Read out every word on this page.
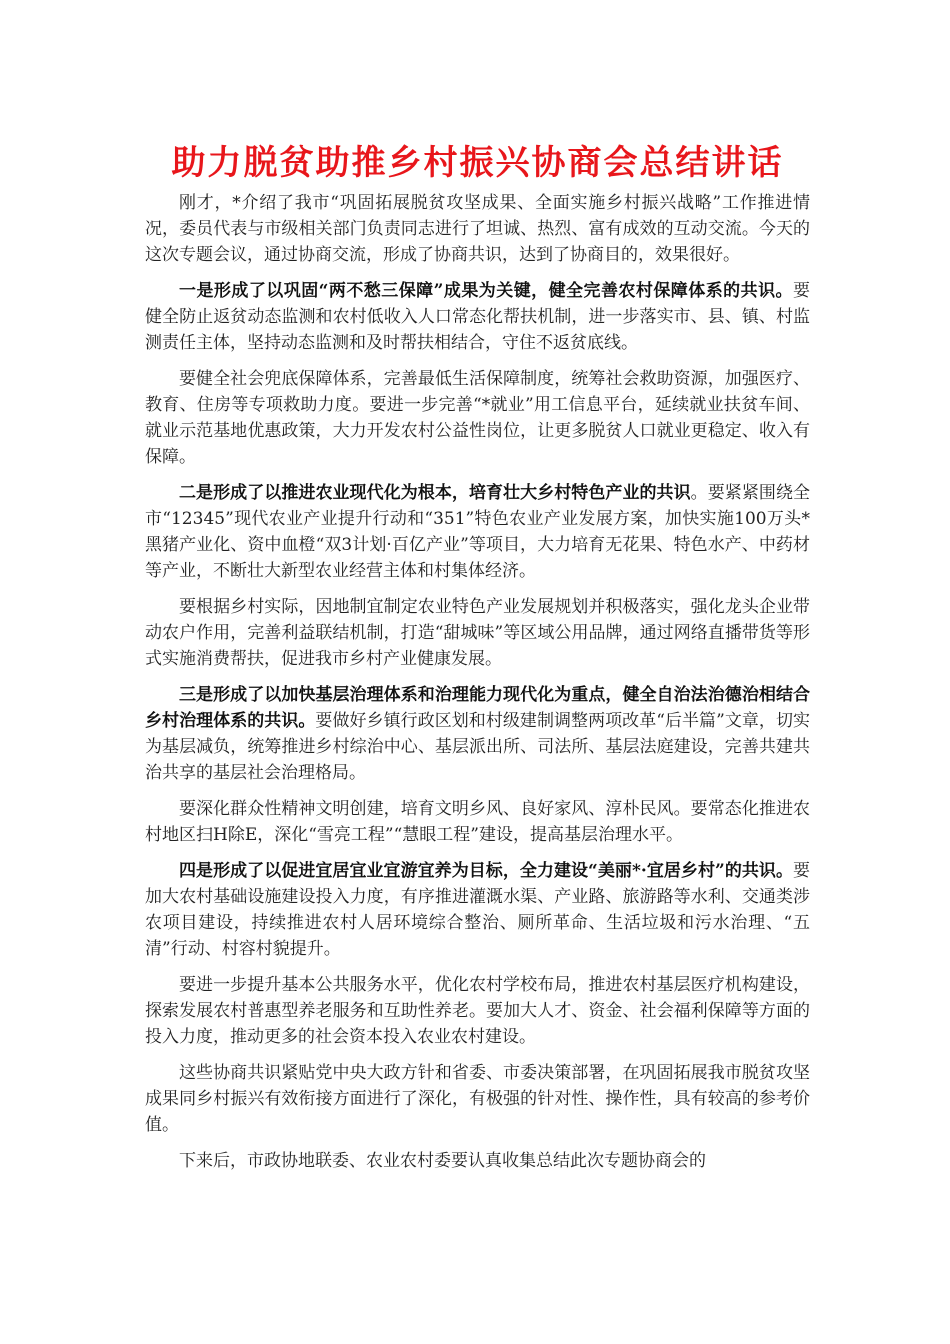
助力脱贫助推乡村振兴协商会总结讲话

刚才，*介绍了我市“巩固拓展脱贫攻坚成果、全面实施乡村振兴战略”工作推进情况，委员代表与市级相关部门负责同志进行了坦诚、热烈、富有成效的互动交流。今天的这次专题会议，通过协商交流，形成了协商共识，达到了协商目的，效果很好。

一是形成了以巩固“两不愁三保障”成果为关键，健全完善农村保障体系的共识。要健全防止返贫动态监测和农村低收入人口常态化帮扶机制，进一步落实市、县、镇、村监测责任主体，坚持动态监测和及时帮扶相结合，守住不返贫底线。

要健全社会兜底保障体系，完善最低生活保障制度，统筹社会救助资源，加强医疗、教育、住房等专项救助力度。要进一步完善“*就业”用工信息平台，延续就业扶贫车间、就业示范基地优惠政策，大力开发农村公益性岗位，让更多脱贫人口就业更稳定、收入有保障。

二是形成了以推进农业现代化为根本，培育壮大乡村特色产业的共识。要紧紧围绕全市“12345”现代农业产业提升行动和“351”特色农业产业发展方案，加快实施100万头*黑猪产业化、资中血橙“双3计划·百亿产业”等项目，大力培育无花果、特色水产、中药材等产业，不断壮大新型农业经营主体和村集体经济。

要根据乡村实际，因地制宜制定农业特色产业发展规划并积极落实，强化龙头企业带动农户作用，完善利益联结机制，打造“甜城味”等区域公用品牌，通过网络直播带货等形式实施消费帮扶，促进我市乡村产业健康发展。

三是形成了以加快基层治理体系和治理能力现代化为重点，健全自治法治德治相结合乡村治理体系的共识。要做好乡镇行政区划和村级建制调整两项改革“后半篇”文章，切实为基层减负，统筹推进乡村综治中心、基层派出所、司法所、基层法庭建设，完善共建共治共享的基层社会治理格局。

要深化群众性精神文明创建，培育文明乡风、良好家风、淳朴民风。要常态化推进农村地区扫H除E，深化“雪亮工程”“慧眼工程”建设，提高基层治理水平。

四是形成了以促进宜居宜业宜游宜养为目标，全力建设“美丽*·宜居乡村”的共识。要加大农村基础设施建设投入力度，有序推进灌溉水渠、产业路、旅游路等水利、交通类涉农项目建设，持续推进农村人居环境综合整治、厕所革命、生活垃圾和污水治理、“五清”行动、村容村貌提升。

要进一步提升基本公共服务水平，优化农村学校布局，推进农村基层医疗机构建设，探索发展农村普惠型养老服务和互助性养老。要加大人才、资金、社会福利保障等方面的投入力度，推动更多的社会资本投入农业农村建设。

这些协商共识紧贴党中央大政方针和省委、市委决策部署，在巩固拓展我市脱贫攻坚成果同乡村振兴有效衔接方面进行了深化，有极强的针对性、操作性，具有较高的参考价值。

下来后，市政协地联委、农业农村委要认真收集总结此次专题协商会的
